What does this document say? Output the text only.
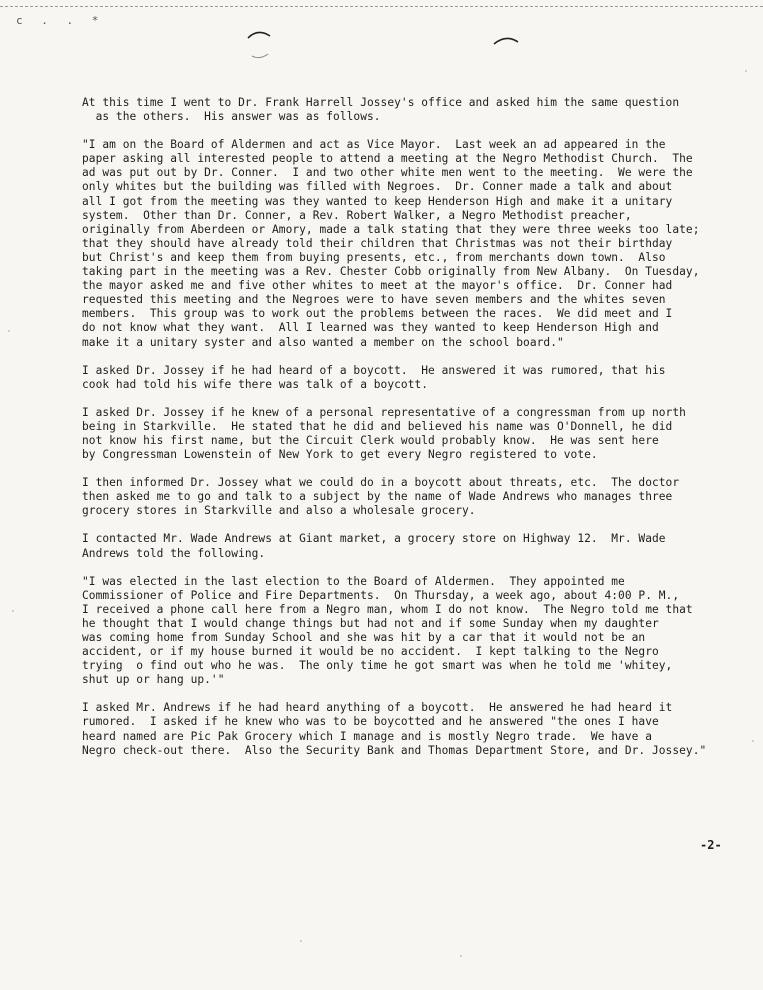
c . . *
At this time I went to Dr. Frank Harrell Jossey's office and asked him the same question
as the others.  His answer was as follows.
"I am on the Board of Aldermen and act as Vice Mayor.  Last week an ad appeared in the
paper asking all interested people to attend a meeting at the Negro Methodist Church.  The
ad was put out by Dr. Conner.  I and two other white men went to the meeting.  We were the
only whites but the building was filled with Negroes.  Dr. Conner made a talk and about
all I got from the meeting was they wanted to keep Henderson High and make it a unitary
system.  Other than Dr. Conner, a Rev. Robert Walker, a Negro Methodist preacher,
originally from Aberdeen or Amory, made a talk stating that they were three weeks too late;
that they should have already told their children that Christmas was not their birthday
but Christ's and keep them from buying presents, etc., from merchants down town.  Also
taking part in the meeting was a Rev. Chester Cobb originally from New Albany.  On Tuesday,
the mayor asked me and five other whites to meet at the mayor's office.  Dr. Conner had
requested this meeting and the Negroes were to have seven members and the whites seven
members.  This group was to work out the problems between the races.  We did meet and I
do not know what they want.  All I learned was they wanted to keep Henderson High and
make it a unitary syster and also wanted a member on the school board."
I asked Dr. Jossey if he had heard of a boycott.  He answered it was rumored, that his
cook had told his wife there was talk of a boycott.
I asked Dr. Jossey if he knew of a personal representative of a congressman from up north
being in Starkville.  He stated that he did and believed his name was O'Donnell, he did
not know his first name, but the Circuit Clerk would probably know.  He was sent here
by Congressman Lowenstein of New York to get every Negro registered to vote.
I then informed Dr. Jossey what we could do in a boycott about threats, etc.  The doctor
then asked me to go and talk to a subject by the name of Wade Andrews who manages three
grocery stores in Starkville and also a wholesale grocery.
I contacted Mr. Wade Andrews at Giant market, a grocery store on Highway 12.  Mr. Wade
Andrews told the following.
"I was elected in the last election to the Board of Aldermen.  They appointed me
Commissioner of Police and Fire Departments.  On Thursday, a week ago, about 4:00 P. M.,
I received a phone call here from a Negro man, whom I do not know.  The Negro told me that
he thought that I would change things but had not and if some Sunday when my daughter
was coming home from Sunday School and she was hit by a car that it would not be an
accident, or if my house burned it would be no accident.  I kept talking to the Negro
trying  o find out who he was.  The only time he got smart was when he told me 'whitey,
shut up or hang up.'"
I asked Mr. Andrews if he had heard anything of a boycott.  He answered he had heard it
rumored.  I asked if he knew who was to be boycotted and he answered "the ones I have
heard named are Pic Pak Grocery which I manage and is mostly Negro trade.  We have a
Negro check-out there.  Also the Security Bank and Thomas Department Store, and Dr. Jossey."
-2-
